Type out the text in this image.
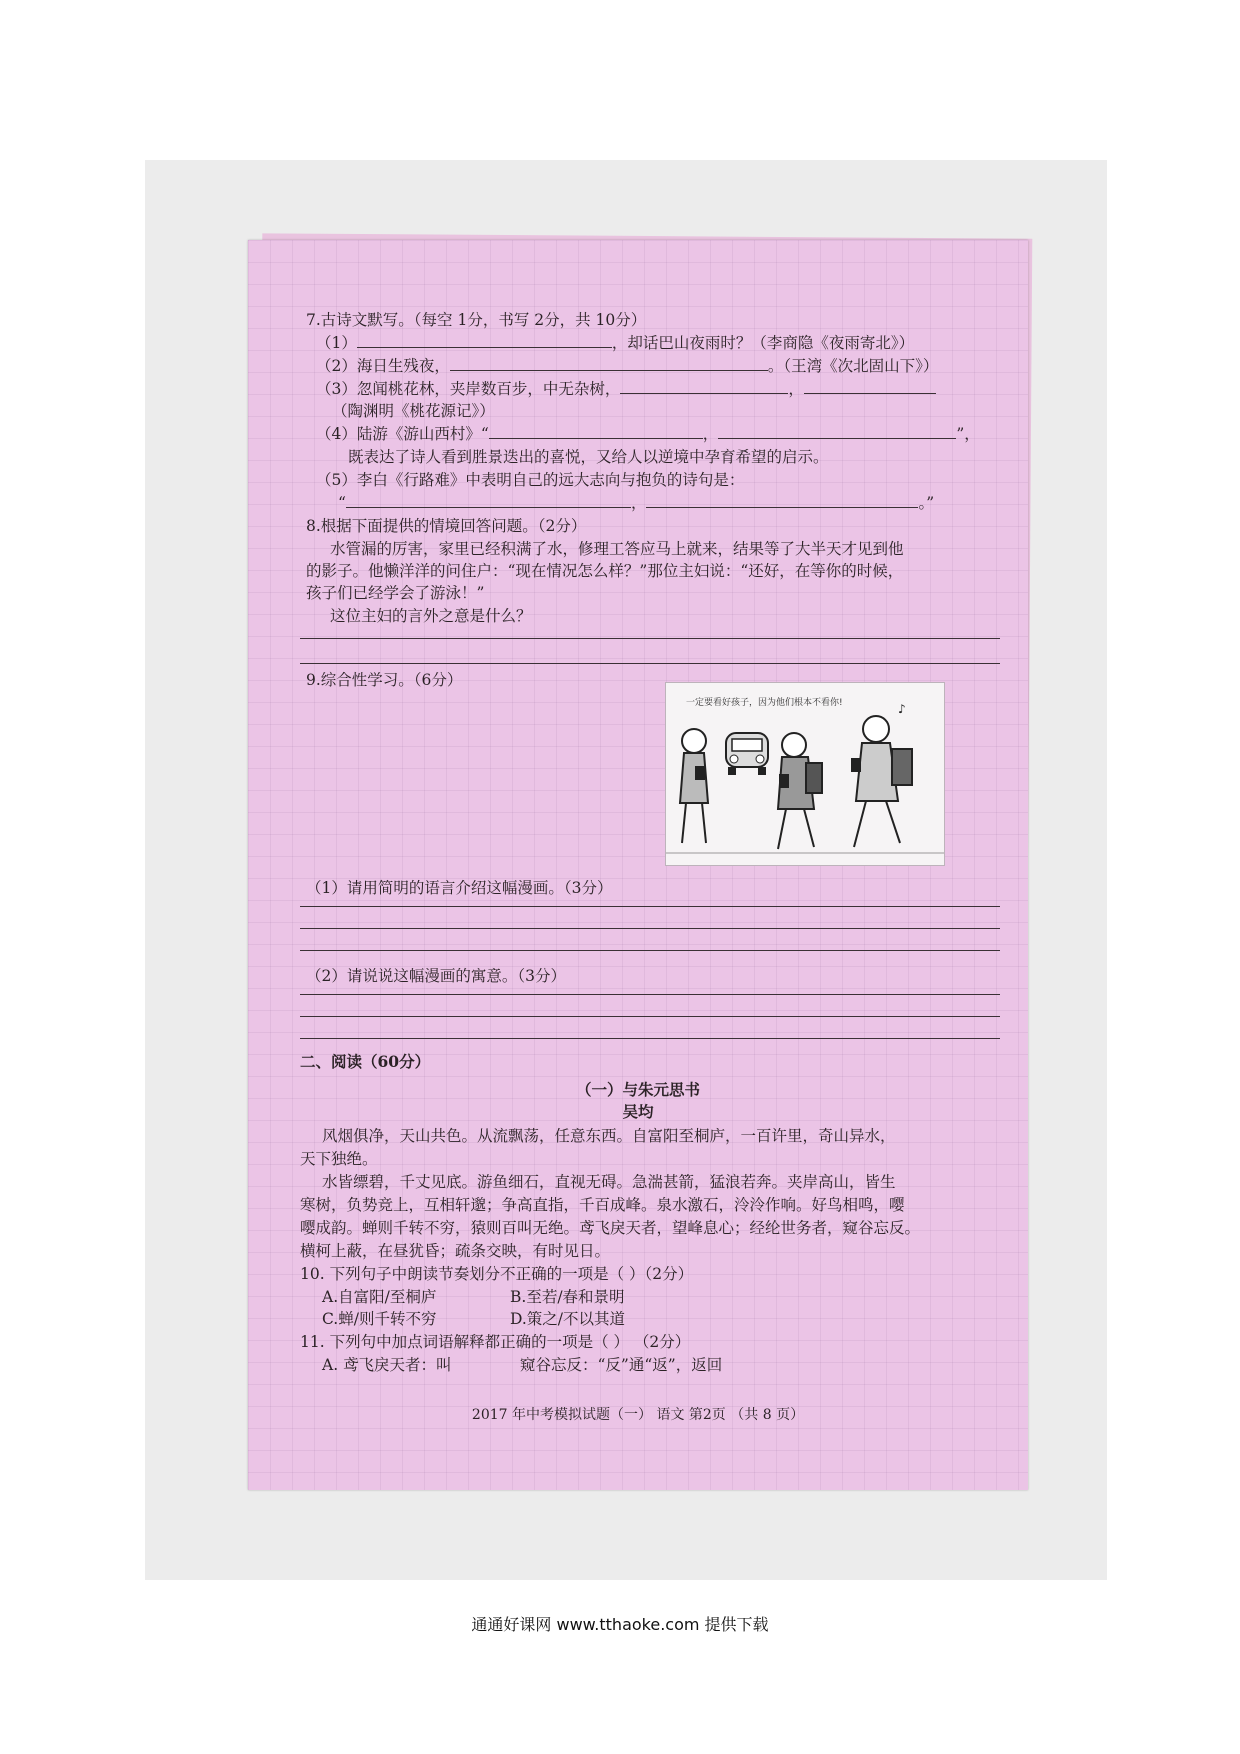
7.古诗文默写。（每空 1分，书写 2分，共 10分）
（1）	，却话巴山夜雨时？（李商隐《夜雨寄北》）
（2）海日生残夜，	。（王湾《次北固山下》）
（3）忽闻桃花林，夹岸数百步，中无杂树，	，
（陶渊明《桃花源记》）
（4）陆游《游山西村》“	，	”，
既表达了诗人看到胜景迭出的喜悦，又给人以逆境中孕育希望的启示。
（5）李白《行路难》中表明自己的远大志向与抱负的诗句是：
“	，	。”
8.根据下面提供的情境回答问题。（2分）
水管漏的厉害，家里已经积满了水，修理工答应马上就来，结果等了大半天才见到他
的影子。他懒洋洋的问住户：“现在情况怎么样？”那位主妇说：“还好，在等你的时候，
孩子们已经学会了游泳！”
这位主妇的言外之意是什么？
9.综合性学习。（6分）
（1）请用简明的语言介绍这幅漫画。（3分）
（2）请说说这幅漫画的寓意。（3分）
二、阅读（60分）
（一）与朱元思书
吴均
风烟俱净，天山共色。从流飘荡，任意东西。自富阳至桐庐，一百许里，奇山异水，
天下独绝。
水皆缥碧，千丈见底。游鱼细石，直视无碍。急湍甚箭，猛浪若奔。夹岸高山，皆生
寒树，负势竞上，互相轩邈；争高直指，千百成峰。泉水激石，泠泠作响。好鸟相鸣，嘤
嘤成韵。蝉则千转不穷，猿则百叫无绝。鸢飞戾天者，望峰息心；经纶世务者，窥谷忘反。
横柯上蔽，在昼犹昏；疏条交映，有时见日。
10. 下列句子中朗读节奏划分不正确的一项是（ ）（2分）
A.自富阳/至桐庐	B.至若/春和景明
C.蝉/则千转不穷	D.策之/不以其道
11. 下列句中加点词语解释都正确的一项是（ ） （2分）
A. 鸢飞戾天者：叫	窥谷忘反：“反”通“返”，返回
一定要看好孩子，因为他们根本不看你!	♪
2017 年中考模拟试题（一） 语文 第2页 （共 8 页）
通通好课网 www.tthaoke.com 提供下载
